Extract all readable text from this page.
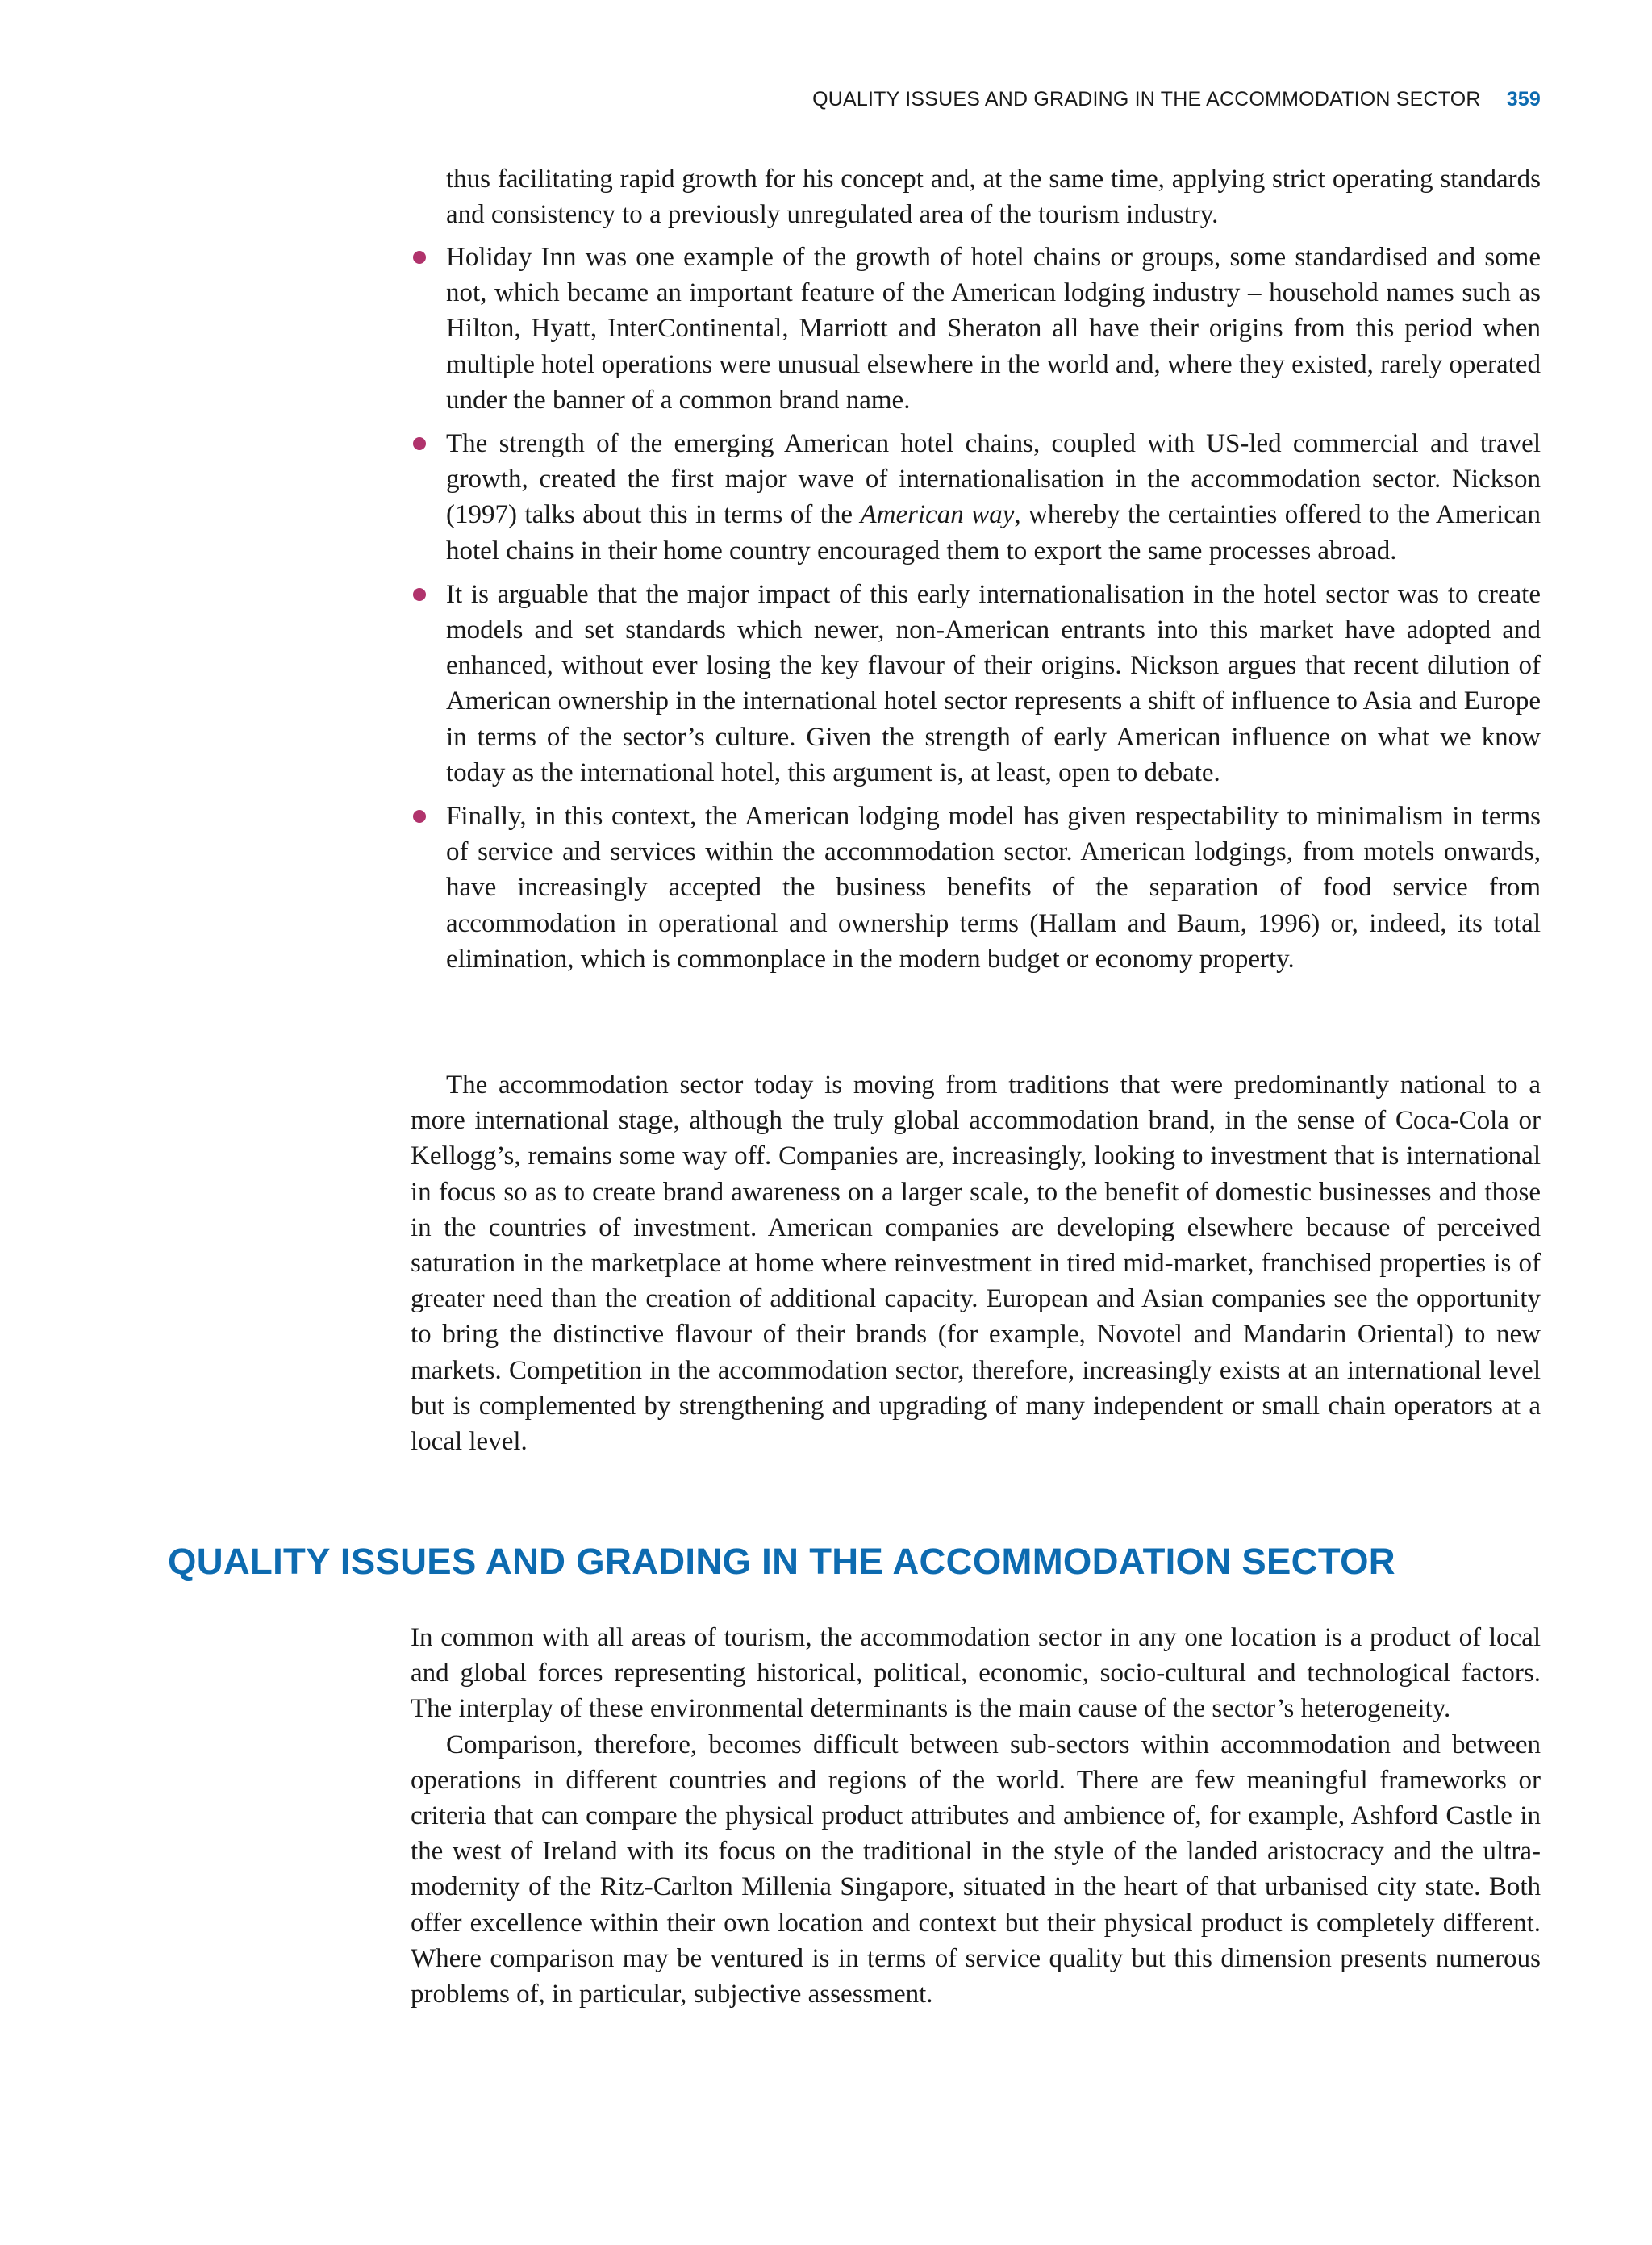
QUALITY ISSUES AND GRADING IN THE ACCOMMODATION SECTOR 359

thus facilitating rapid growth for his concept and, at the same time, applying strict operating standards and consistency to a previously unregulated area of the tourism industry.

Holiday Inn was one example of the growth of hotel chains or groups, some standardised and some not, which became an important feature of the American lodging industry – household names such as Hilton, Hyatt, InterContinental, Marriott and Sheraton all have their origins from this period when multiple hotel operations were unusual elsewhere in the world and, where they existed, rarely operated under the banner of a common brand name.

The strength of the emerging American hotel chains, coupled with US-led commercial and travel growth, created the first major wave of internationalisation in the accommodation sector. Nickson (1997) talks about this in terms of the American way, whereby the certainties offered to the American hotel chains in their home country encouraged them to export the same processes abroad.

It is arguable that the major impact of this early internationalisation in the hotel sector was to create models and set standards which newer, non-American entrants into this market have adopted and enhanced, without ever losing the key flavour of their origins. Nickson argues that recent dilution of American ownership in the international hotel sector represents a shift of influence to Asia and Europe in terms of the sector’s culture. Given the strength of early American influence on what we know today as the international hotel, this argument is, at least, open to debate.

Finally, in this context, the American lodging model has given respectability to minimalism in terms of service and services within the accommodation sector. American lodgings, from motels onwards, have increasingly accepted the business benefits of the separation of food service from accommodation in operational and ownership terms (Hallam and Baum, 1996) or, indeed, its total elimination, which is commonplace in the modern budget or economy property.

The accommodation sector today is moving from traditions that were predominantly national to a more international stage, although the truly global accommodation brand, in the sense of Coca-Cola or Kellogg’s, remains some way off. Companies are, increasingly, looking to investment that is international in focus so as to create brand awareness on a larger scale, to the benefit of domestic businesses and those in the countries of investment. American companies are developing elsewhere because of perceived saturation in the marketplace at home where reinvestment in tired mid-market, franchised properties is of greater need than the creation of additional capacity. European and Asian companies see the opportunity to bring the distinctive flavour of their brands (for example, Novotel and Mandarin Oriental) to new markets. Competition in the accommodation sector, therefore, increasingly exists at an international level but is complemented by strengthening and upgrading of many independent or small chain operators at a local level.

QUALITY ISSUES AND GRADING IN THE ACCOMMODATION SECTOR

In common with all areas of tourism, the accommodation sector in any one location is a product of local and global forces representing historical, political, economic, socio-cultural and technological factors. The interplay of these environmental determinants is the main cause of the sector’s heterogeneity.

Comparison, therefore, becomes difficult between sub-sectors within accommodation and between operations in different countries and regions of the world. There are few meaningful frameworks or criteria that can compare the physical product attributes and ambience of, for example, Ashford Castle in the west of Ireland with its focus on the traditional in the style of the landed aristocracy and the ultra-modernity of the Ritz-Carlton Millenia Singapore, situated in the heart of that urbanised city state. Both offer excellence within their own location and context but their physical product is completely different. Where comparison may be ventured is in terms of service quality but this dimension presents numerous problems of, in particular, subjective assessment.
